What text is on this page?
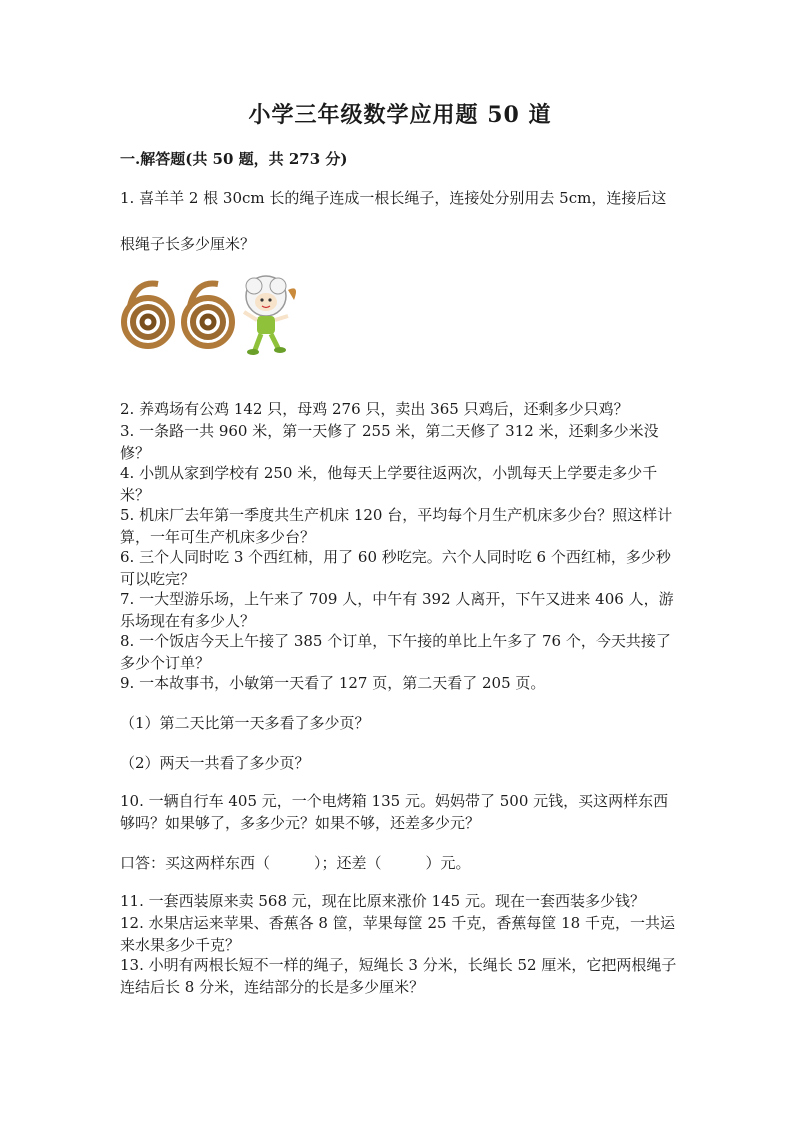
小学三年级数学应用题 50 道

一.解答题(共 50 题，共 273 分)

1. 喜羊羊 2 根 30cm 长的绳子连成一根长绳子，连接处分别用去 5cm，连接后这根绳子长多少厘米？

2. 养鸡场有公鸡 142 只，母鸡 276 只，卖出 365 只鸡后，还剩多少只鸡？

3. 一条路一共 960 米，第一天修了 255 米，第二天修了 312 米，还剩多少米没修？

4. 小凯从家到学校有 250 米，他每天上学要往返两次，小凯每天上学要走多少千米？

5. 机床厂去年第一季度共生产机床 120 台，平均每个月生产机床多少台？照这样计算，一年可生产机床多少台？

6. 三个人同时吃 3 个西红柿，用了 60 秒吃完。六个人同时吃 6 个西红柿，多少秒可以吃完？

7. 一大型游乐场，上午来了 709 人，中午有 392 人离开，下午又进来 406 人，游乐场现在有多少人？

8. 一个饭店今天上午接了 385 个订单，下午接的单比上午多了 76 个，今天共接了多少个订单？

9. 一本故事书，小敏第一天看了 127 页，第二天看了 205 页。

（1）第二天比第一天多看了多少页？

（2）两天一共看了多少页？

10. 一辆自行车 405 元，一个电烤箱 135 元。妈妈带了 500 元钱，买这两样东西够吗？如果够了，多多少元？如果不够，还差多少元？

口答：买这两样东西（	）；还差（	）元。

11. 一套西装原来卖 568 元，现在比原来涨价 145 元。现在一套西装多少钱？

12. 水果店运来苹果、香蕉各 8 筐，苹果每筐 25 千克，香蕉每筐 18 千克，一共运来水果多少千克？

13. 小明有两根长短不一样的绳子，短绳长 3 分米，长绳长 52 厘米，它把两根绳子连结后长 8 分米，连结部分的长是多少厘米？
